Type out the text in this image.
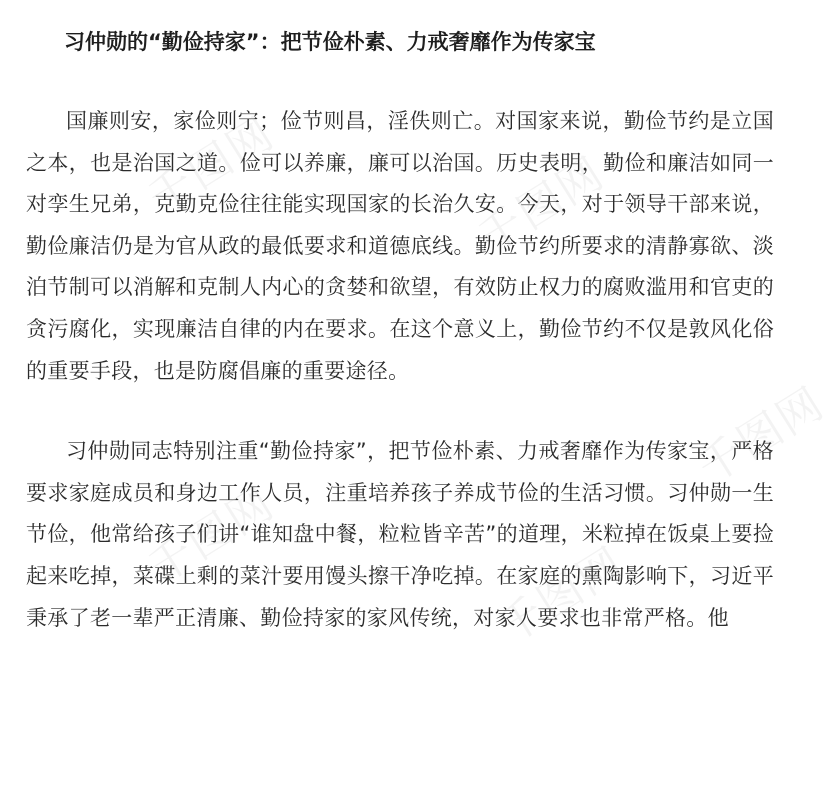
习仲勋的“勤俭持家”：把节俭朴素、力戒奢靡作为传家宝

国廉则安，家俭则宁；俭节则昌，淫佚则亡。对国家来说，勤俭节约是立国之本，也是治国之道。俭可以养廉，廉可以治国。历史表明，勤俭和廉洁如同一对孪生兄弟，克勤克俭往往能实现国家的长治久安。今天，对于领导干部来说，勤俭廉洁仍是为官从政的最低要求和道德底线。勤俭节约所要求的清静寡欲、淡泊节制可以消解和克制人内心的贪婪和欲望，有效防止权力的腐败滥用和官吏的贪污腐化，实现廉洁自律的内在要求。在这个意义上，勤俭节约不仅是敦风化俗的重要手段，也是防腐倡廉的重要途径。

习仲勋同志特别注重“勤俭持家”，把节俭朴素、力戒奢靡作为传家宝，严格要求家庭成员和身边工作人员，注重培养孩子养成节俭的生活习惯。习仲勋一生节俭，他常给孩子们讲“谁知盘中餐，粒粒皆辛苦”的道理，米粒掉在饭桌上要捡起来吃掉，菜碟上剩的菜汁要用馒头擦干净吃掉。在家庭的熏陶影响下，习近平秉承了老一辈严正清廉、勤俭持家的家风传统，对家人要求也非常严格。他

千图网	千图网
千图网
千图网
千图网
